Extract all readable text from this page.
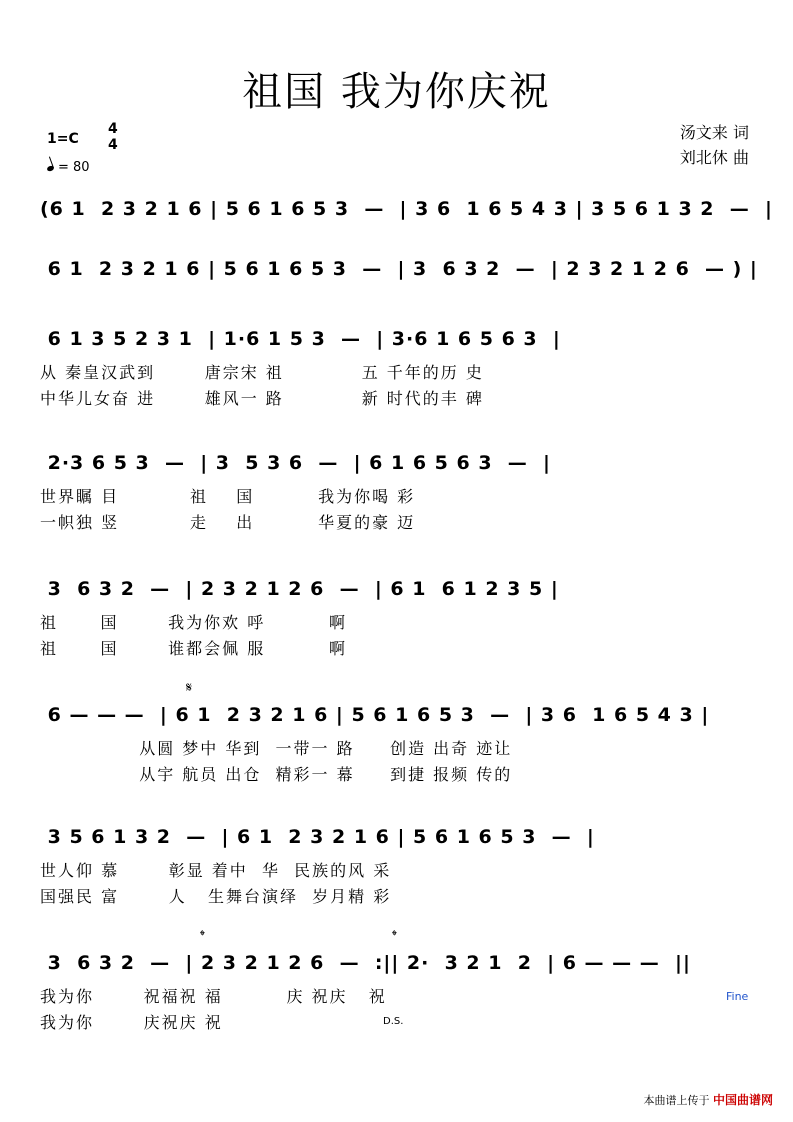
祖国 我为你庆祝
1=C
4
4
= 80
汤文来 词
刘北休 曲
(6 1  2 3 2 1 6 | 5 6 1 6 5 3  —  | 3 6  1 6 5 4 3 | 3 5 6 1 3 2  —  |
6 1  2 3 2 1 6 | 5 6 1 6 5 3  —  | 3  6 3 2  —  | 2 3 2 1 2 6  — ) |
6 1 3 5 2 3 1  | 1·6 1 5 3  —  | 3·6 1 6 5 6 3  |
从 秦皇汉武到       唐宗宋 祖           五 千年的历 史
中华儿女奋 进       雄风一 路           新 时代的丰 碑
2·3 6 5 3  —  | 3  5 3 6  —  | 6 1 6 5 6 3  —  |
世界瞩 目          祖    国         我为你喝 彩
一帜独 竖          走    出         华夏的豪 迈
3  6 3 2  —  | 2 3 2 1 2 6  —  | 6 1  6 1 2 3 5 |
祖      国       我为你欢 呼         啊
祖      国       谁都会佩 服         啊
𝄋
6 — — —  | 6 1  2 3 2 1 6 | 5 6 1 6 5 3  —  | 3 6  1 6 5 4 3 |
从圆 梦中 华到  一带一 路     创造 出奇 迹让
从宇 航员 出仓  精彩一 幕     到捷 报频 传的
3 5 6 1 3 2  —  | 6 1  2 3 2 1 6 | 5 6 1 6 5 3  —  |
世人仰 慕       彰显 着中  华  民族的风 采
国强民 富       人   生舞台演绎  岁月精 彩
𝄌	𝄌
3  6 3 2  —  | 2 3 2 1 2 6  —  :|| 2·  3 2 1  2  | 6 — — —  ||
我为你       祝福祝 福         庆 祝庆   祝
我为你       庆祝庆 祝
Fine
D.S.
本曲谱上传于 中国曲谱网
